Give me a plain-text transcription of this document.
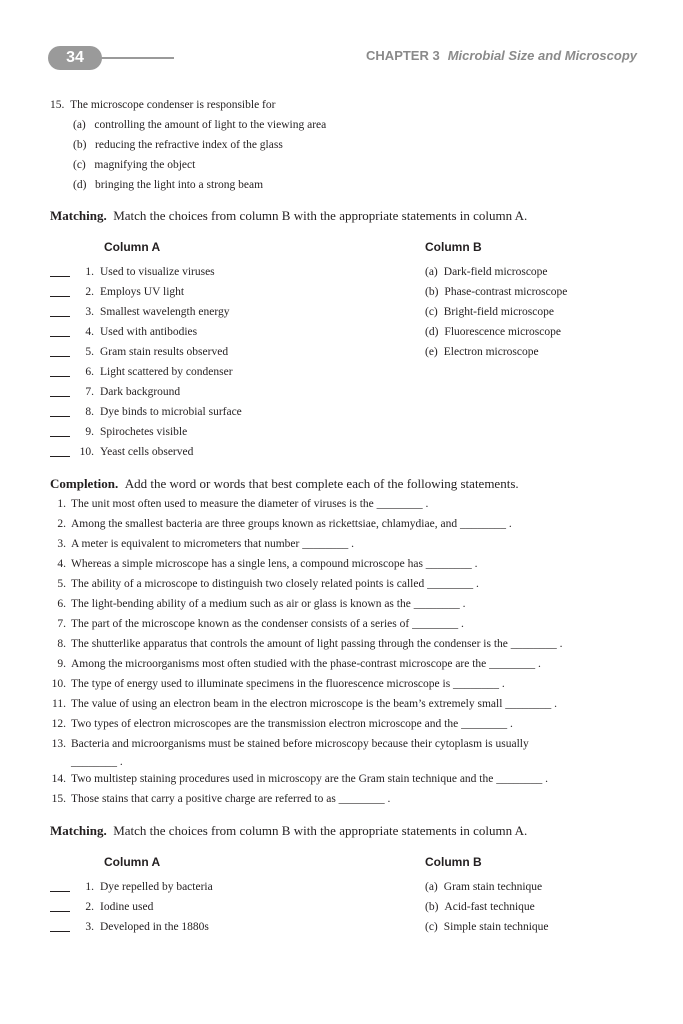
34	CHAPTER 3 Microbial Size and Microscopy
15. The microscope condenser is responsible for
(a) controlling the amount of light to the viewing area
(b) reducing the refractive index of the glass
(c) magnifying the object
(d) bringing the light into a strong beam
Matching. Match the choices from column B with the appropriate statements in column A.
Column A	Column B
1. Used to visualize viruses
2. Employs UV light
3. Smallest wavelength energy
4. Used with antibodies
5. Gram stain results observed
6. Light scattered by condenser
7. Dark background
8. Dye binds to microbial surface
9. Spirochetes visible
10. Yeast cells observed
(a) Dark-field microscope
(b) Phase-contrast microscope
(c) Bright-field microscope
(d) Fluorescence microscope
(e) Electron microscope
Completion. Add the word or words that best complete each of the following statements.
1. The unit most often used to measure the diameter of viruses is the ________ .
2. Among the smallest bacteria are three groups known as rickettsiae, chlamydiae, and ________ .
3. A meter is equivalent to micrometers that number ________ .
4. Whereas a simple microscope has a single lens, a compound microscope has ________ .
5. The ability of a microscope to distinguish two closely related points is called ________ .
6. The light-bending ability of a medium such as air or glass is known as the ________ .
7. The part of the microscope known as the condenser consists of a series of ________ .
8. The shutterlike apparatus that controls the amount of light passing through the condenser is the ________ .
9. Among the microorganisms most often studied with the phase-contrast microscope are the ________ .
10. The type of energy used to illuminate specimens in the fluorescence microscope is ________ .
11. The value of using an electron beam in the electron microscope is the beam’s extremely small ________ .
12. Two types of electron microscopes are the transmission electron microscope and the ________ .
13. Bacteria and microorganisms must be stained before microscopy because their cytoplasm is usually
________ .
14. Two multistep staining procedures used in microscopy are the Gram stain technique and the ________ .
15. Those stains that carry a positive charge are referred to as ________ .
Matching. Match the choices from column B with the appropriate statements in column A.
Column A	Column B
1. Dye repelled by bacteria
2. Iodine used
3. Developed in the 1880s
(a) Gram stain technique
(b) Acid-fast technique
(c) Simple stain technique
